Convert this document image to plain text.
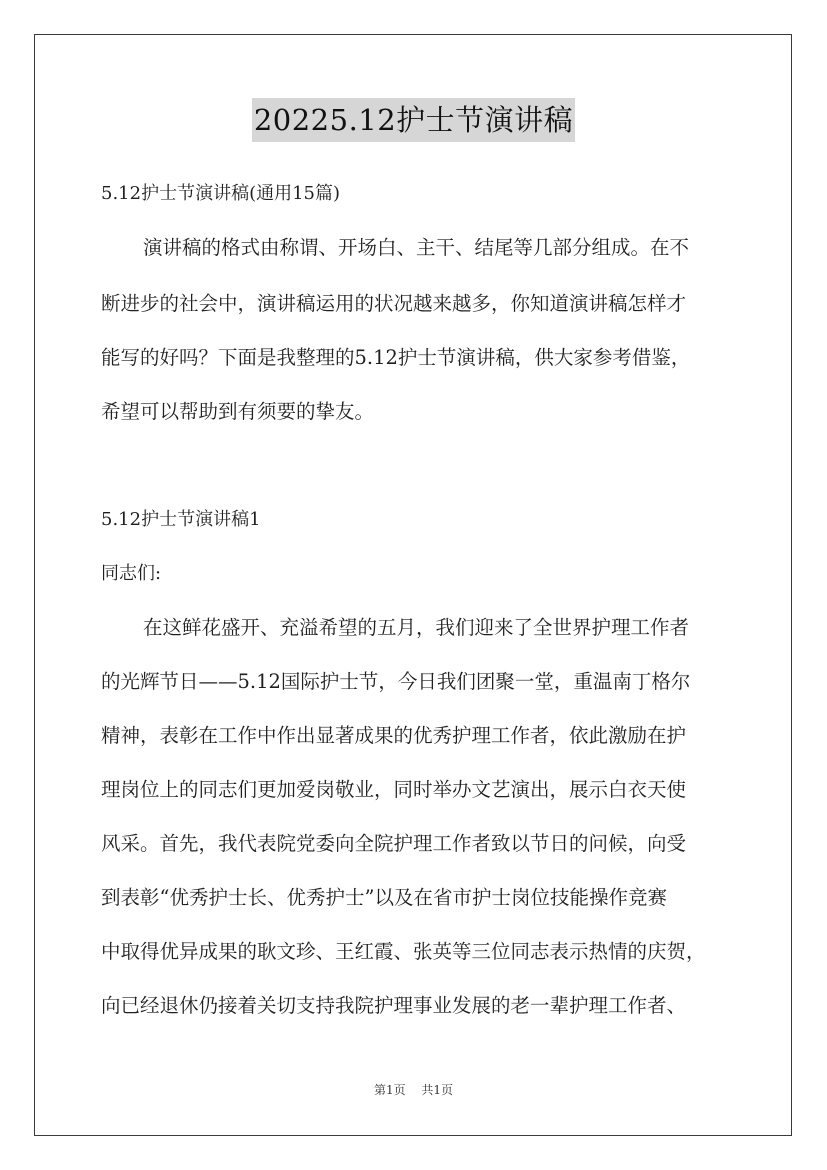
20225.12护士节演讲稿
5.12护士节演讲稿(通用15篇)
演讲稿的格式由称谓、开场白、主干、结尾等几部分组成。在不
断进步的社会中，演讲稿运用的状况越来越多，你知道演讲稿怎样才
能写的好吗？下面是我整理的5.12护士节演讲稿，供大家参考借鉴，
希望可以帮助到有须要的挚友。
5.12护士节演讲稿1
同志们:
在这鲜花盛开、充溢希望的五月，我们迎来了全世界护理工作者
的光辉节日——5.12国际护士节，今日我们团聚一堂，重温南丁格尔
精神，表彰在工作中作出显著成果的优秀护理工作者，依此激励在护
理岗位上的同志们更加爱岗敬业，同时举办文艺演出，展示白衣天使
风采。首先，我代表院党委向全院护理工作者致以节日的问候，向受
到表彰“优秀护士长、优秀护士”以及在省市护士岗位技能操作竞赛
中取得优异成果的耿文珍、王红霞、张英等三位同志表示热情的庆贺，
向已经退休仍接着关切支持我院护理事业发展的老一辈护理工作者、
第1页 共1页
